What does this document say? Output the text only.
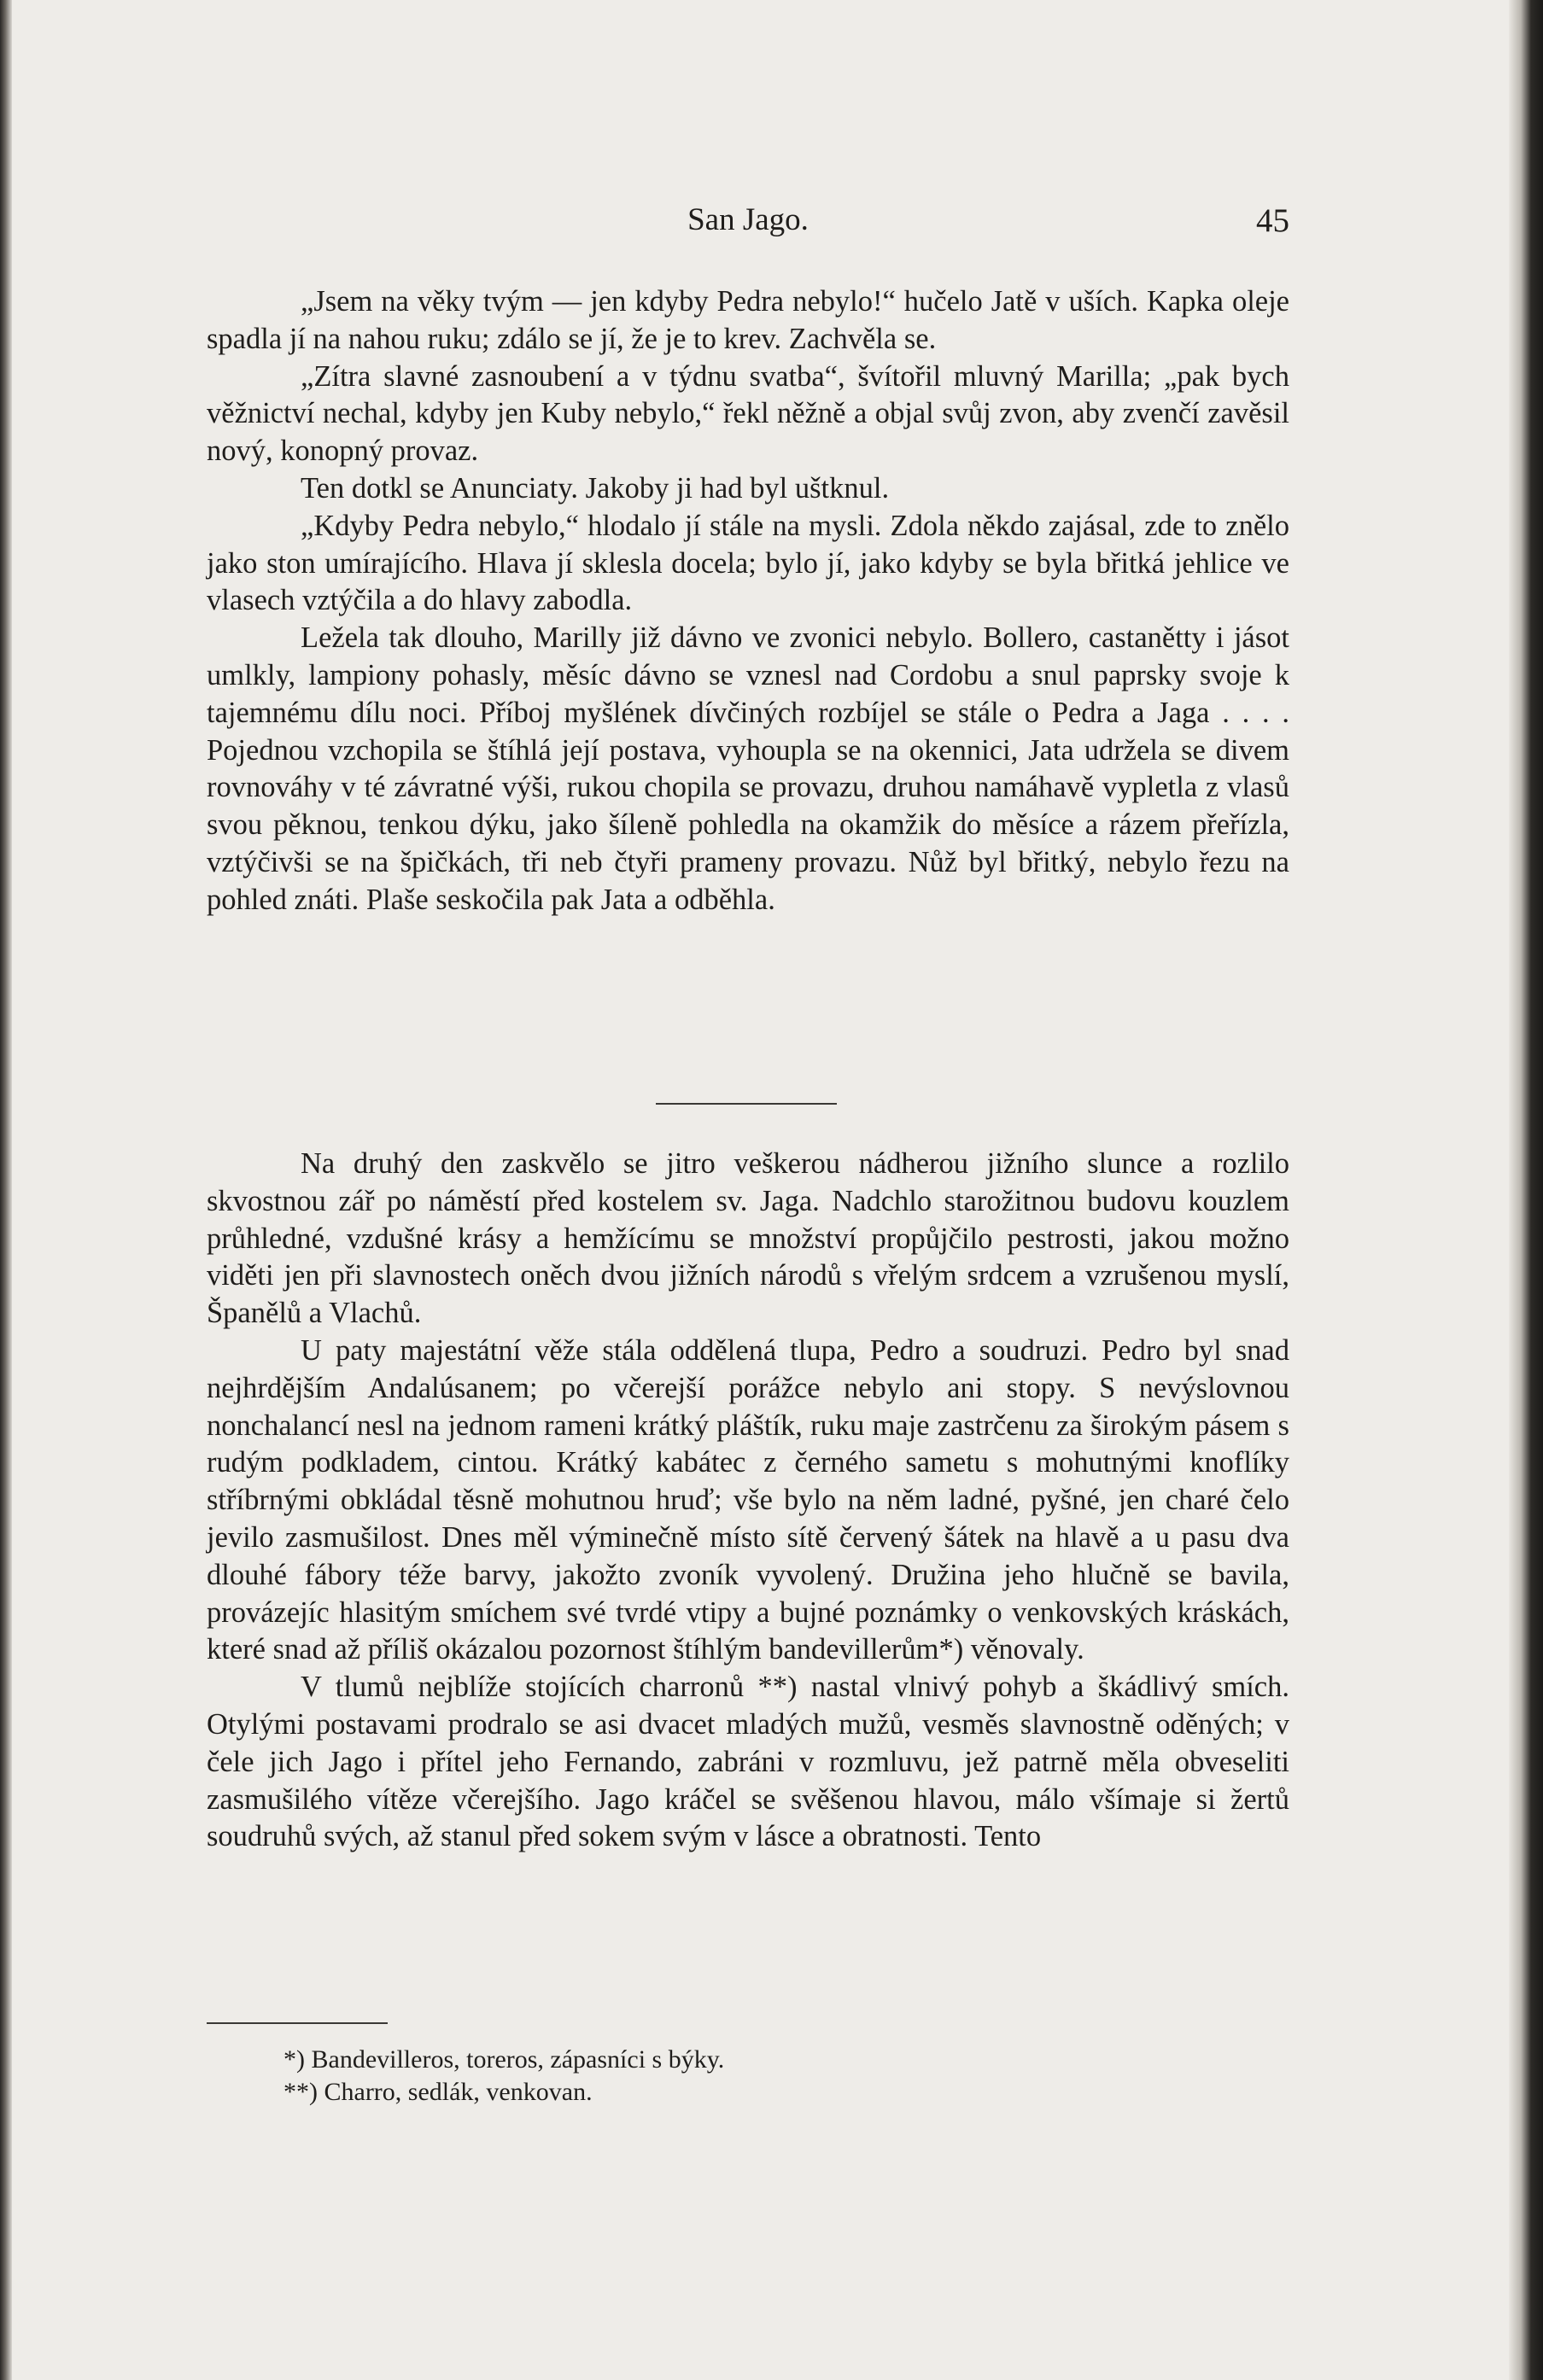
San Jago.	45

„Jsem na věky tvým — jen kdyby Pedra nebylo!“ hučelo Jatě v uších. Kapka oleje spadla jí na nahou ruku; zdálo se jí, že je to krev. Zachvěla se.

„Zítra slavné zasnoubení a v týdnu svatba“, švítořil mluvný Marilla; „pak bych věžnictví nechal, kdyby jen Kuby nebylo,“ řekl něžně a objal svůj zvon, aby zvenčí zavěsil nový, konopný provaz.

Ten dotkl se Anunciaty. Jakoby ji had byl uštknul.

„Kdyby Pedra nebylo,“ hlodalo jí stále na mysli. Zdola někdo zajásal, zde to znělo jako ston umírajícího. Hlava jí sklesla docela; bylo jí, jako kdyby se byla břitká jehlice ve vlasech vztýčila a do hlavy zabodla.

Ležela tak dlouho, Marilly již dávno ve zvonici nebylo. Bollero, castanětty i jásot umlkly, lampiony pohasly, měsíc dávno se vznesl nad Cordobu a snul paprsky svoje k tajemnému dílu noci. Příboj myšlének dívčiných rozbíjel se stále o Pedra a Jaga . . . . Pojednou vzchopila se štíhlá její postava, vyhoupla se na okennici, Jata udržela se divem rovnováhy v té závratné výši, rukou chopila se provazu, druhou namáhavě vypletla z vlasů svou pěknou, tenkou dýku, jako šíleně pohledla na okamžik do měsíce a rázem přeřízla, vztýčivši se na špičkách, tři neb čtyři prameny provazu. Nůž byl břitký, nebylo řezu na pohled znáti. Plaše seskočila pak Jata a odběhla.

Na druhý den zaskvělo se jitro veškerou nádherou jižního slunce a rozlilo skvostnou zář po náměstí před kostelem sv. Jaga. Nadchlo starožitnou budovu kouzlem průhledné, vzdušné krásy a hemžícímu se množství propůjčilo pestrosti, jakou možno viděti jen při slavnostech oněch dvou jižních národů s vřelým srdcem a vzrušenou myslí, Španělů a Vlachů.

U paty majestátní věže stála oddělená tlupa, Pedro a soudruzi. Pedro byl snad nejhrdějším Andalúsanem; po včerejší porážce nebylo ani stopy. S nevýslovnou nonchalancí nesl na jednom rameni krátký pláštík, ruku maje zastrčenu za širokým pásem s rudým podkladem, cintou. Krátký kabátec z černého sametu s mohutnými knoflíky stříbrnými obkládal těsně mohutnou hruď; vše bylo na něm ladné, pyšné, jen charé čelo jevilo zasmušilost. Dnes měl výminečně místo sítě červený šátek na hlavě a u pasu dva dlouhé fábory téže barvy, jakožto zvoník vyvolený. Družina jeho hlučně se bavila, provázejíc hlasitým smíchem své tvrdé vtipy a bujné poznámky o venkovských kráskách, které snad až příliš okázalou pozornost štíhlým bandevillerům*) věnovaly.

V tlumů nejblíže stojících charronů **) nastal vlnivý pohyb a škádlivý smích. Otylými postavami prodralo se asi dvacet mladých mužů, vesměs slavnostně oděných; v čele jich Jago i přítel jeho Fernando, zabráni v rozmluvu, jež patrně měla obveseliti zasmušilého vítěze včerejšího. Jago kráčel se svěšenou hlavou, málo všímaje si žertů soudruhů svých, až stanul před sokem svým v lásce a obratnosti. Tento

*) Bandevilleros, toreros, zápasníci s býky.
**) Charro, sedlák, venkovan.
